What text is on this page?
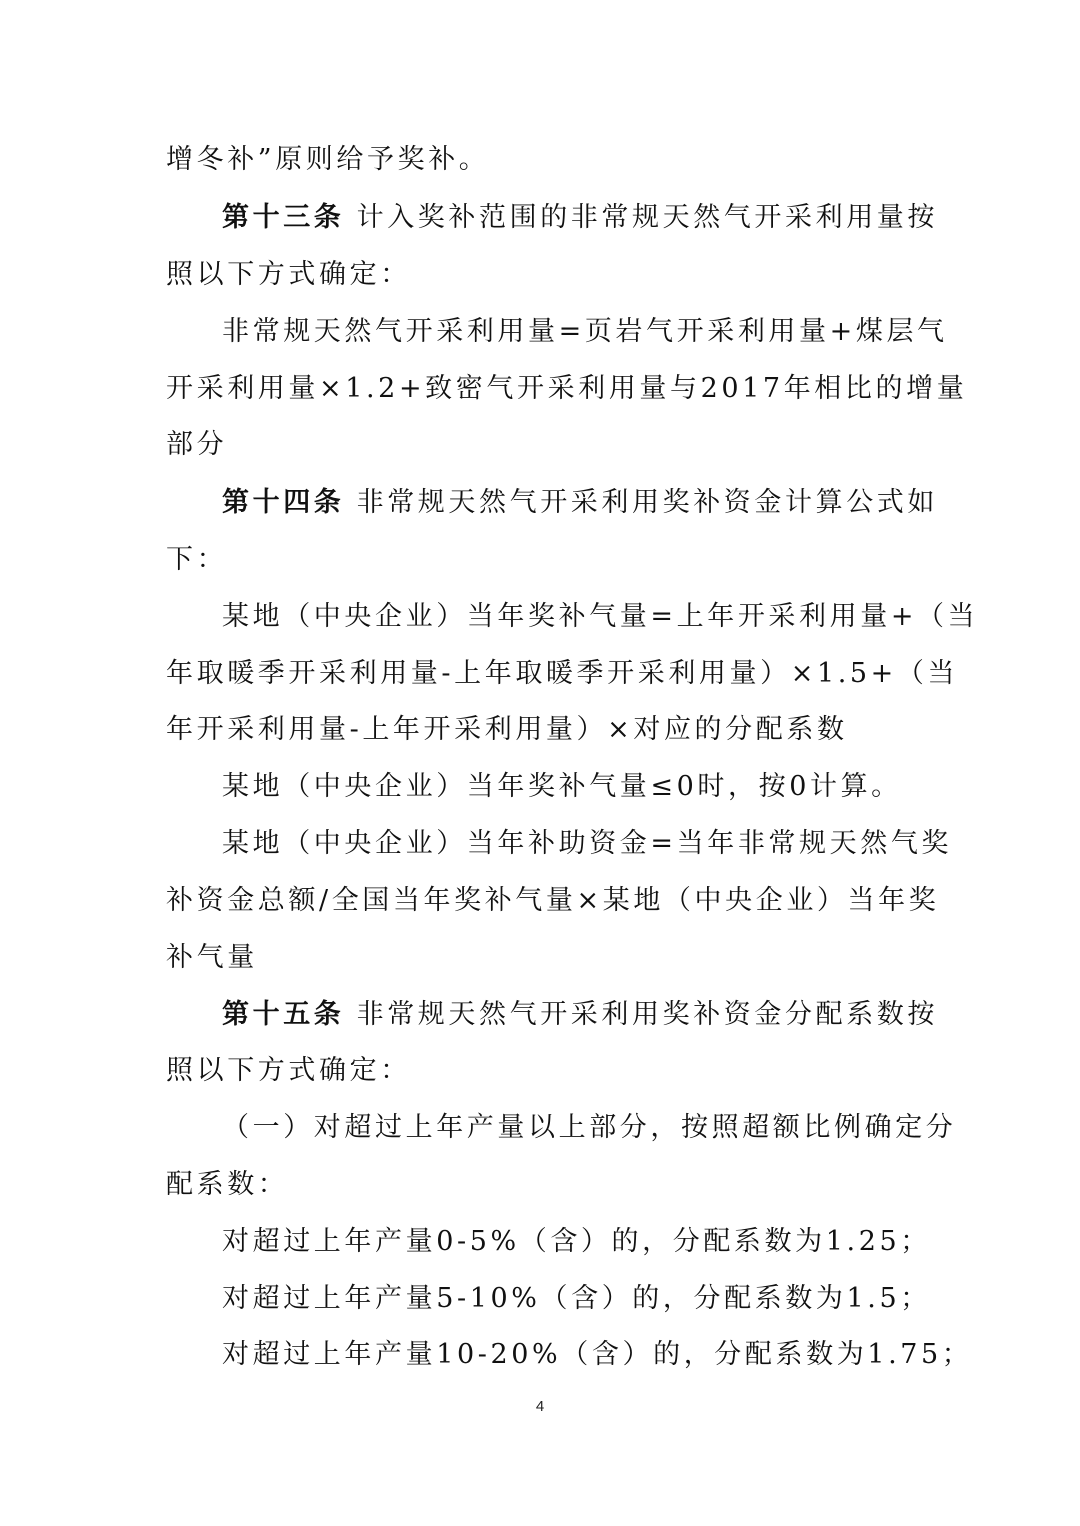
增冬补”原则给予奖补。
第十三条 计入奖补范围的非常规天然气开采利用量按
照以下方式确定：
非常规天然气开采利用量=页岩气开采利用量+煤层气
开采利用量×1.2+致密气开采利用量与2017年相比的增量
部分
第十四条 非常规天然气开采利用奖补资金计算公式如
下：
某地（中央企业）当年奖补气量=上年开采利用量+（当
年取暖季开采利用量-上年取暖季开采利用量）×1.5+（当
年开采利用量-上年开采利用量）×对应的分配系数
某地（中央企业）当年奖补气量≤0时，按0计算。
某地（中央企业）当年补助资金=当年非常规天然气奖
补资金总额/全国当年奖补气量×某地（中央企业）当年奖
补气量
第十五条 非常规天然气开采利用奖补资金分配系数按
照以下方式确定：
（一）对超过上年产量以上部分，按照超额比例确定分
配系数：
对超过上年产量0-5%（含）的，分配系数为1.25；
对超过上年产量5-10%（含）的，分配系数为1.5；
对超过上年产量10-20%（含）的，分配系数为1.75；
4
